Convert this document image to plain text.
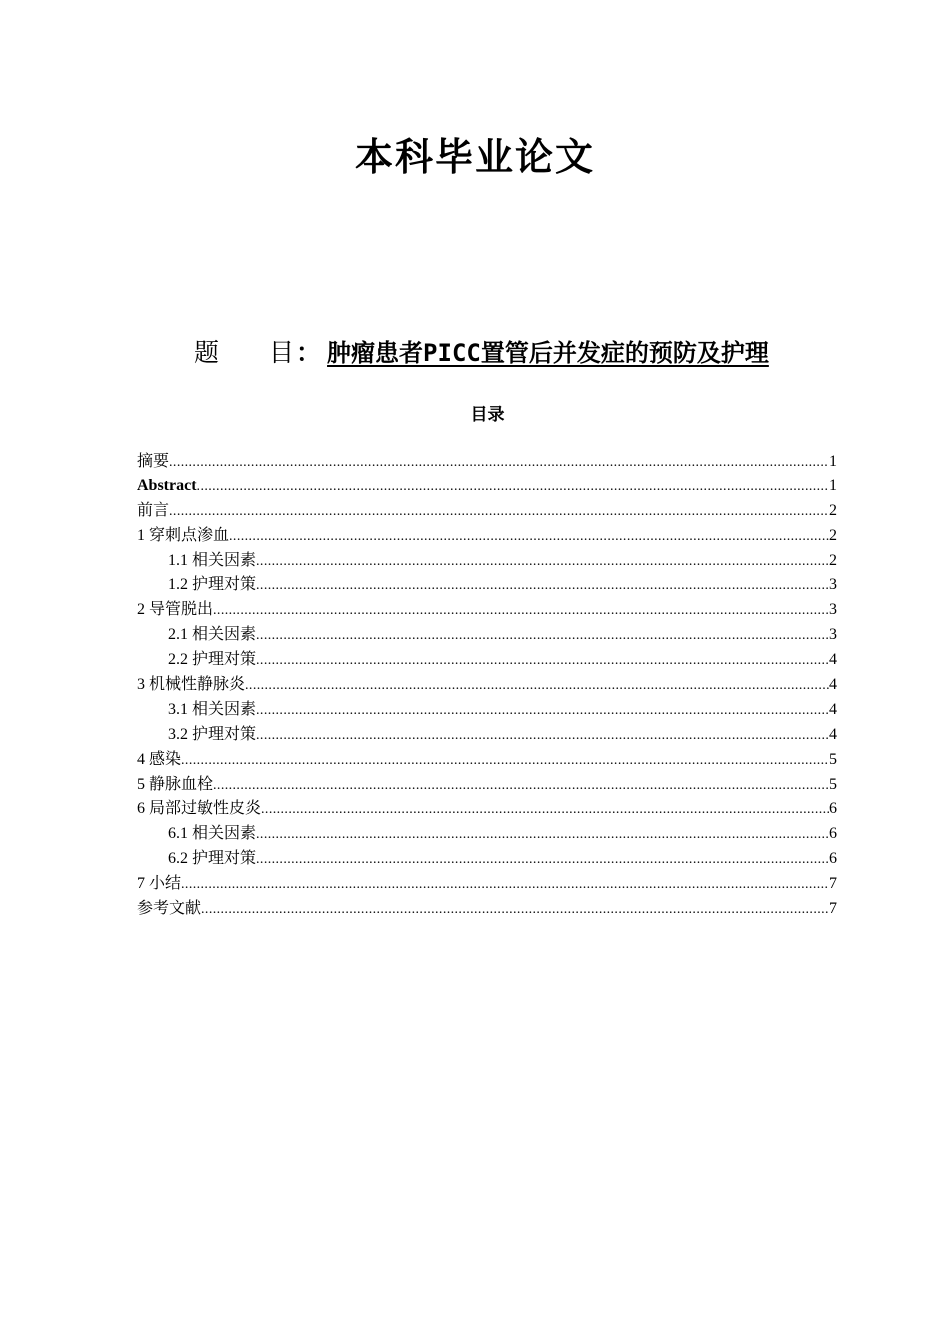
本科毕业论文
题 目 ： 肿瘤患者PICC置管后并发症的预防及护理
目录
摘要 .....	1
Abstract .....	1
前言 .....	2
1 穿刺点渗血 .....	2
1.1 相关因素 .....	2
1.2 护理对策 .....	3
2 导管脱出 .....	3
2.1 相关因素 .....	3
2.2 护理对策 .....	4
3 机械性静脉炎 .....	4
3.1 相关因素 .....	4
3.2 护理对策 .....	4
4 感染 .....	5
5 静脉血栓 .....	5
6 局部过敏性皮炎 .....	6
6.1 相关因素 .....	6
6.2 护理对策 .....	6
7 小结 .....	7
参考文献 .....	7
